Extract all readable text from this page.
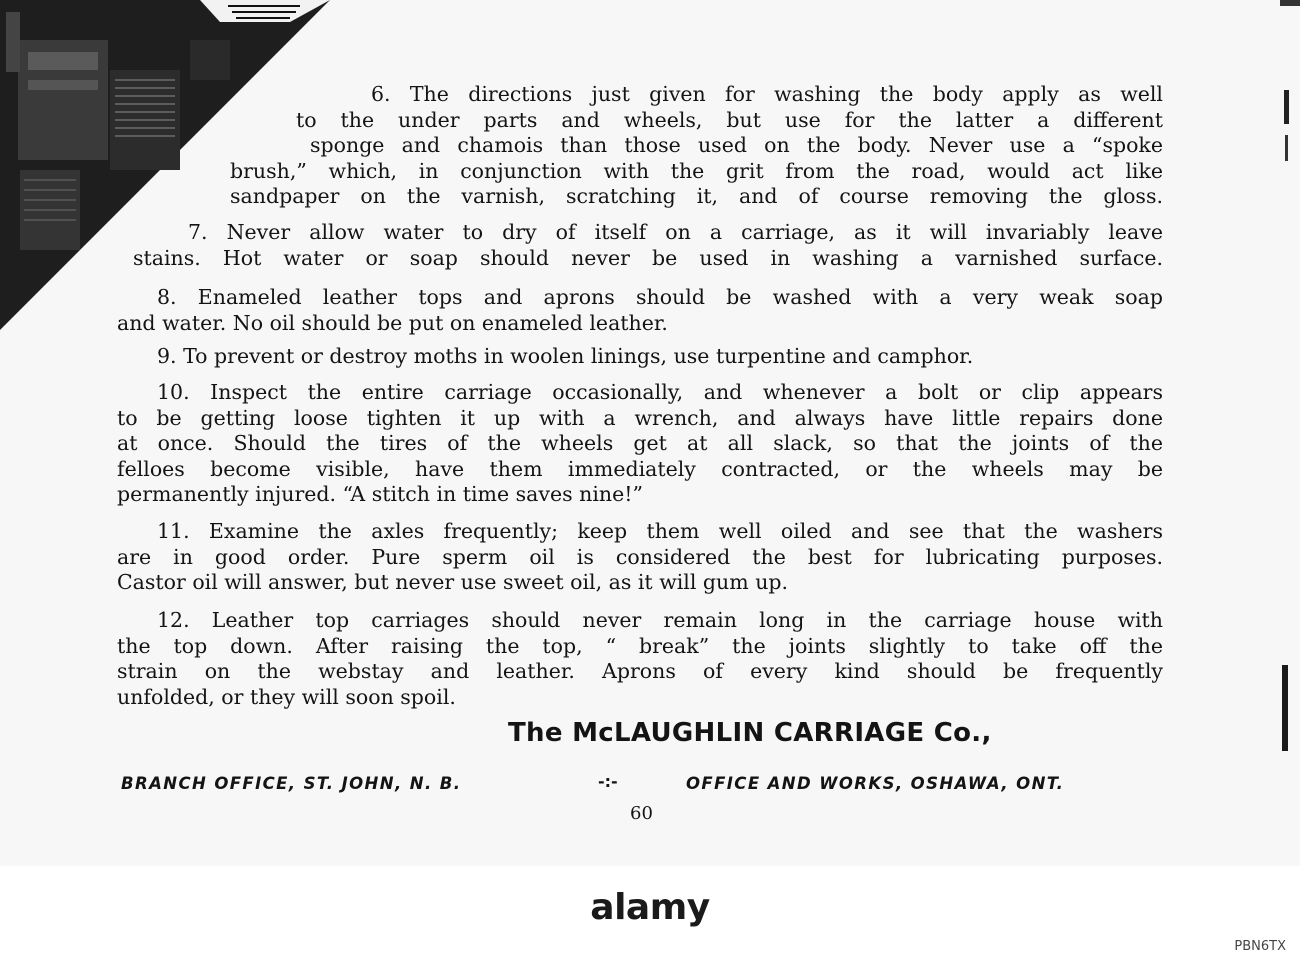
6. The directions just given for washing the body apply as well
to the under parts and wheels, but use for the latter a different
sponge and chamois than those used on the body. Never use a “spoke
brush,” which, in conjunction with the grit from the road, would act like
sandpaper on the varnish, scratching it, and of course removing the gloss.

7. Never allow water to dry of itself on a carriage, as it will invariably leave
stains. Hot water or soap should never be used in washing a varnished surface.

8. Enameled leather tops and aprons should be washed with a very weak soap
and water. No oil should be put on enameled leather.

9. To prevent or destroy moths in woolen linings, use turpentine and camphor.

10. Inspect the entire carriage occasionally, and whenever a bolt or clip appears
to be getting loose tighten it up with a wrench, and always have little repairs done
at once. Should the tires of the wheels get at all slack, so that the joints of the
felloes become visible, have them immediately contracted, or the wheels may be
permanently injured. “A stitch in time saves nine!”

11. Examine the axles frequently; keep them well oiled and see that the washers
are in good order. Pure sperm oil is considered the best for lubricating purposes.
Castor oil will answer, but never use sweet oil, as it will gum up.

12. Leather top carriages should never remain long in the carriage house with
the top down. After raising the top, “ break” the joints slightly to take off the
strain on the webstay and leather. Aprons of every kind should be frequently
unfolded, or they will soon spoil.

The McLAUGHLIN CARRIAGE Co.,
BRANCH OFFICE, ST. JOHN, N. B.	-:-	OFFICE AND WORKS, OSHAWA, ONT.
60
alamy
PBN6TX
